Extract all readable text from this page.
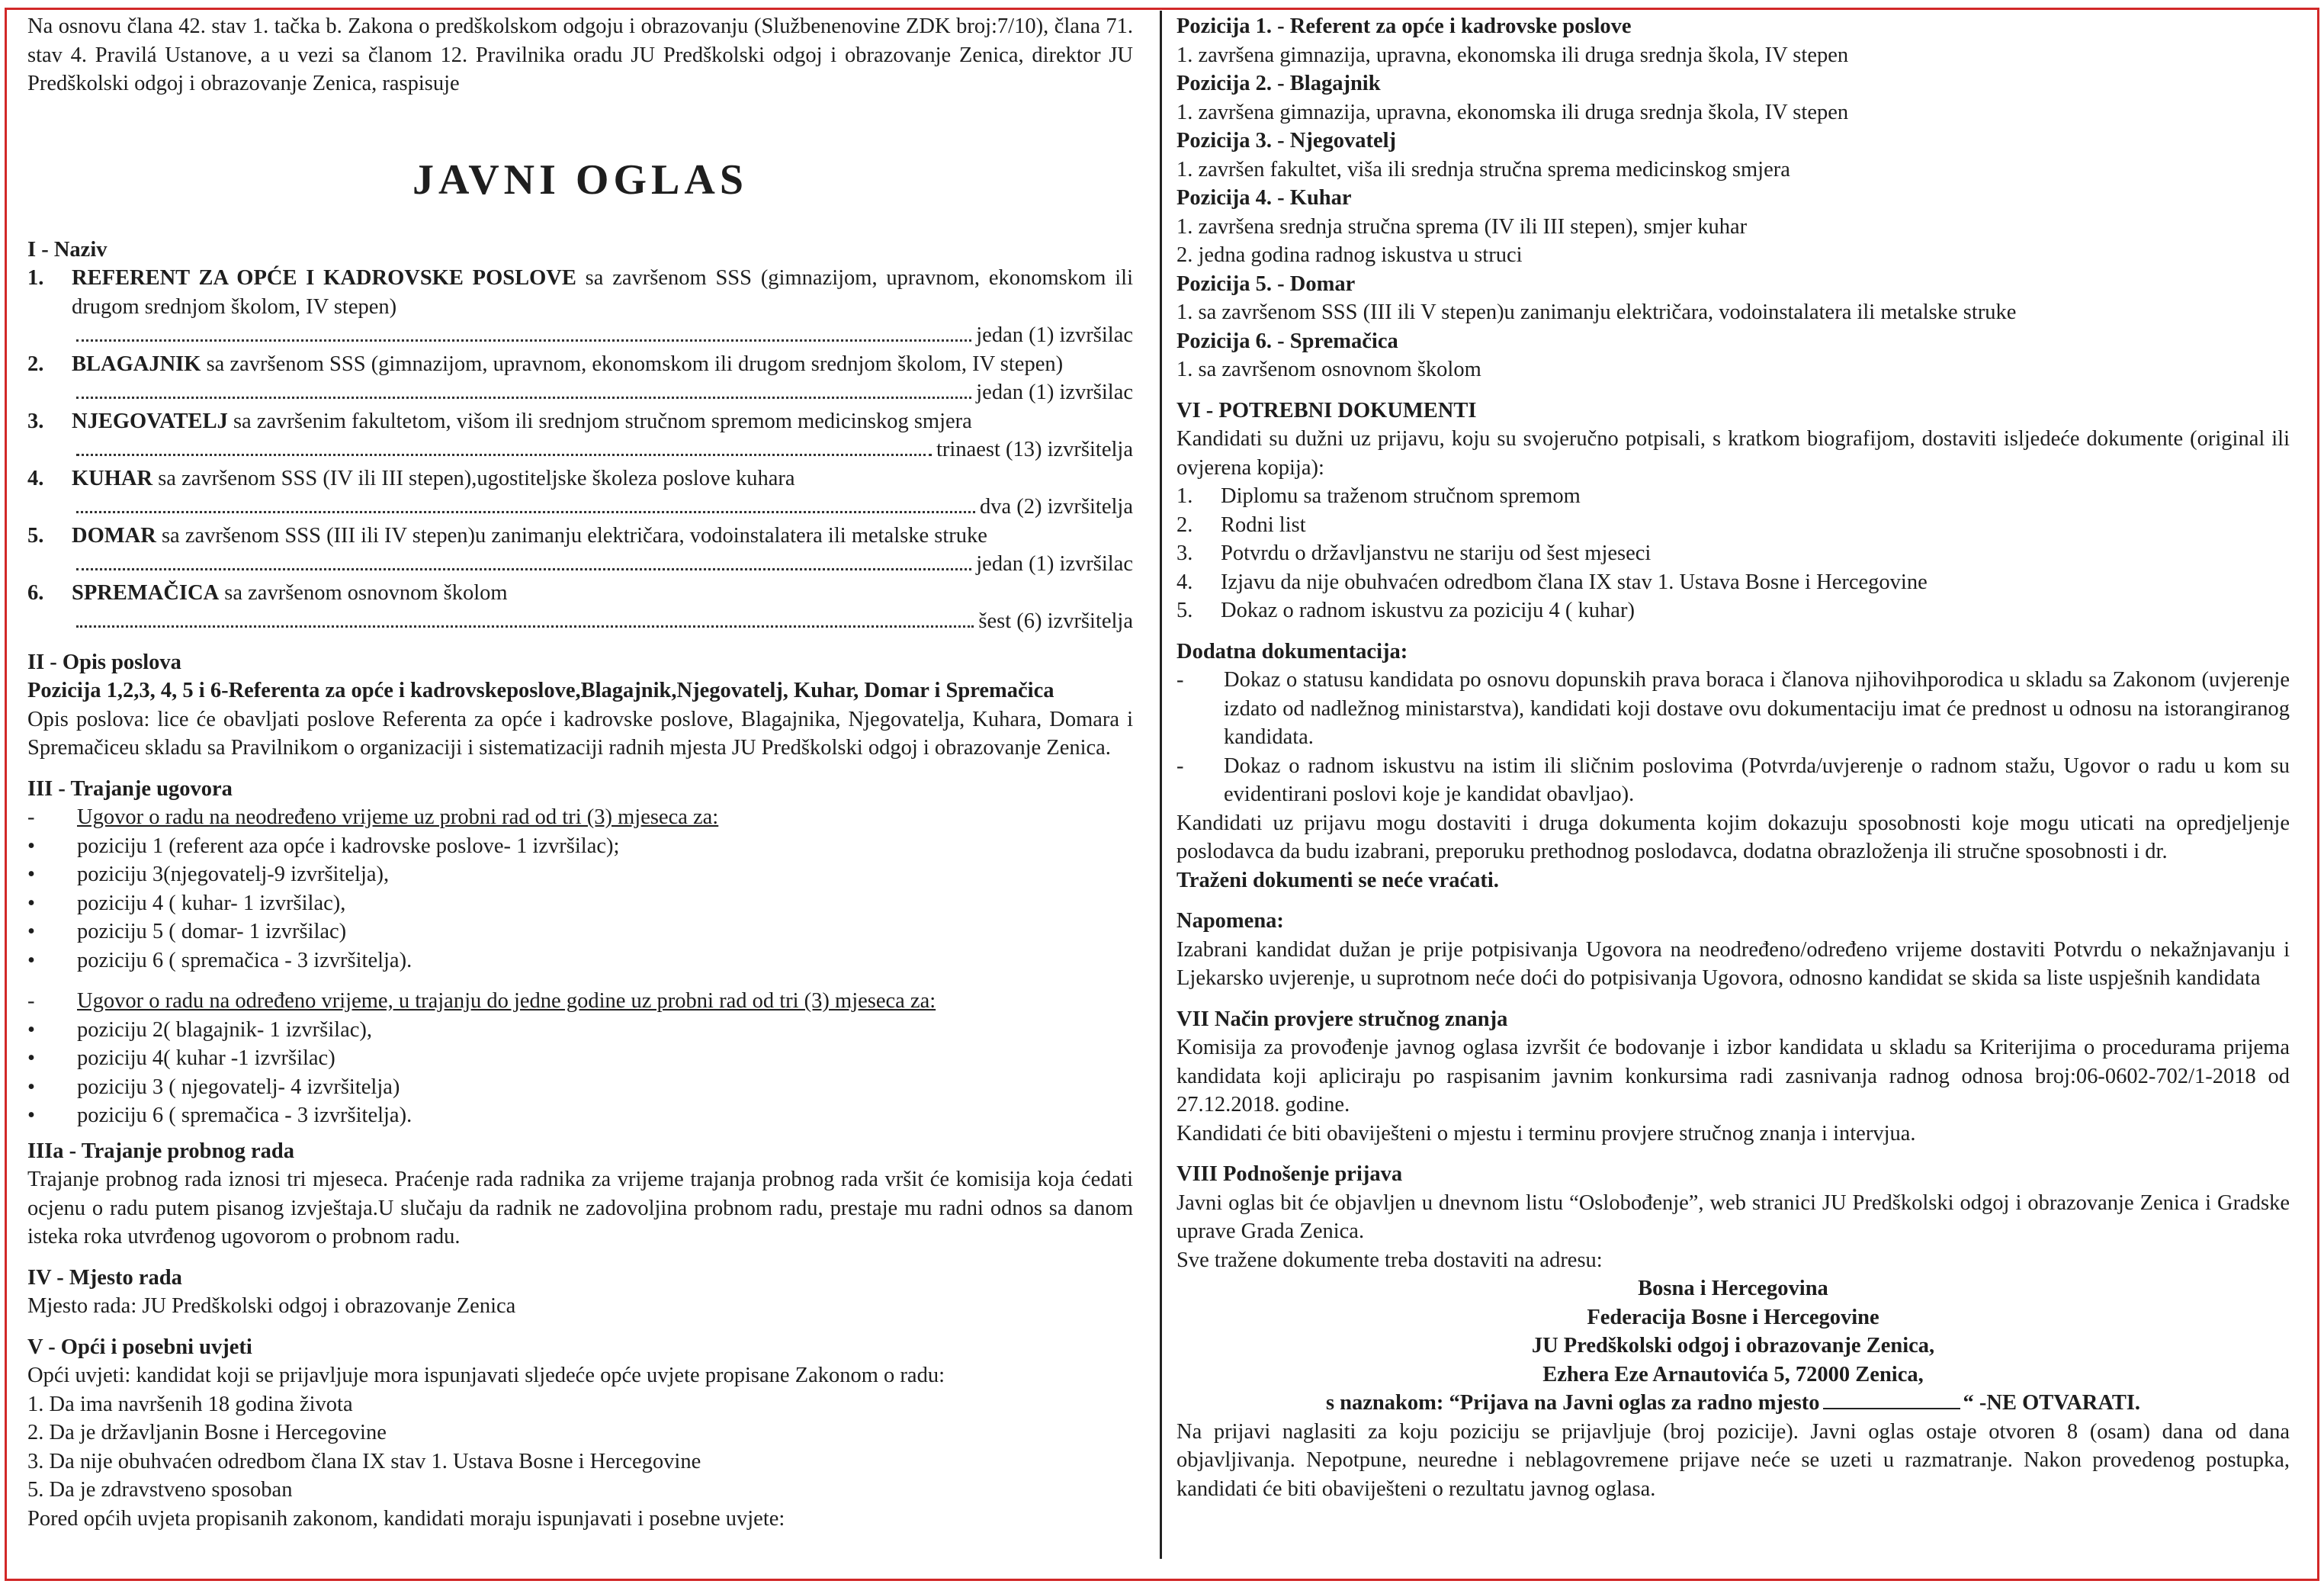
Na osnovu člana 42. stav 1. tačka b. Zakona o predškolskom odgoju i obrazovanju (Službenenovine ZDK broj:7/10), člana 71. stav 4. Pravilá Ustanove, a u vezi sa članom 12. Pravilnika oradu JU Predškolski odgoj i obrazovanje Zenica, direktor JU Predškolski odgoj i obrazovanje Zenica, raspisuje

JAVNI OGLAS
I - Naziv
1.	REFERENT ZA OPĆE I KADROVSKE POSLOVE sa završenom SSS (gimnazijom, upravnom, ekonomskom ili drugom srednjom školom, IV stepen)
jedan (1) izvršilac
2.	BLAGAJNIK sa završenom SSS (gimnazijom, upravnom, ekonomskom ili drugom srednjom školom, IV stepen)
jedan (1) izvršilac
3.	NJEGOVATELJ sa završenim fakultetom, višom ili srednjom stručnom spremom medicinskog smjera
trinaest (13) izvršitelja
4.	KUHAR sa završenom SSS (IV ili III stepen),ugostiteljske školeza poslove kuhara
dva (2) izvršitelja
5.	DOMAR sa završenom SSS (III ili IV stepen)u zanimanju električara, vodoinstalatera ili metalske struke
jedan (1) izvršilac
6.	SPREMAČICA sa završenom osnovnom školom
šest (6) izvršitelja
II - Opis poslova
Pozicija 1,2,3, 4, 5 i 6-Referenta za opće i kadrovskeposlove,Blagajnik,Njegovatelj, Kuhar, Domar i Spremačica

Opis poslova: lice će obavljati poslove Referenta za opće i kadrovske poslove, Blagajnika, Njegovatelja, Kuhara, Domara i Spremačiceu skladu sa Pravilnikom o organizaciji i sistematizaciji radnih mjesta JU Predškolski odgoj i obrazovanje Zenica.

III - Trajanje ugovora
-	Ugovor o radu na neodređeno vrijeme uz probni rad od tri (3) mjeseca za:
•	poziciju 1 (referent aza opće i kadrovske poslove- 1 izvršilac);
•	poziciju 3(njegovatelj-9 izvršitelja),
•	poziciju 4 ( kuhar- 1 izvršilac),
•	poziciju 5 ( domar- 1 izvršilac)
•	poziciju 6 ( spremačica - 3 izvršitelja).
-	Ugovor o radu na određeno vrijeme, u trajanju do jedne godine uz probni rad od tri (3) mjeseca za:
•	poziciju 2( blagajnik- 1 izvršilac),
•	poziciju 4( kuhar -1 izvršilac)
•	poziciju 3 ( njegovatelj- 4 izvršitelja)
•	poziciju 6 ( spremačica - 3 izvršitelja).
IIIa - Trajanje probnog rada

Trajanje probnog rada iznosi tri mjeseca. Praćenje rada radnika za vrijeme trajanja probnog rada vršit će komisija koja ćedati ocjenu o radu putem pisanog izvještaja.U slučaju da radnik ne zadovoljina probnom radu, prestaje mu radni odnos sa danom isteka roka utvrđenog ugovorom o probnom radu.

IV - Mjesto rada

Mjesto rada: JU Predškolski odgoj i obrazovanje Zenica

V - Opći i posebni uvjeti

Opći uvjeti: kandidat koji se prijavljuje mora ispunjavati sljedeće opće uvjete propisane Zakonom o radu:

1. Da ima navršenih 18 godina života
2. Da je državljanin Bosne i Hercegovine
3. Da nije obuhvaćen odredbom člana IX stav 1. Ustava Bosne i Hercegovine
5. Da je zdravstveno sposoban

Pored općih uvjeta propisanih zakonom, kandidati moraju ispunjavati i posebne uvjete:

Pozicija 1. - Referent za opće i kadrovske poslove
1. završena gimnazija, upravna, ekonomska ili druga srednja škola, IV stepen
Pozicija 2. - Blagajnik
1. završena gimnazija, upravna, ekonomska ili druga srednja škola, IV stepen
Pozicija 3. - Njegovatelj
1. završen fakultet, viša ili srednja stručna sprema medicinskog smjera
Pozicija 4. - Kuhar
1. završena srednja stručna sprema (IV ili III stepen), smjer kuhar
2. jedna godina radnog iskustva u struci
Pozicija 5. - Domar
1. sa završenom SSS (III ili V stepen)u zanimanju električara, vodoinstalatera ili metalske struke
Pozicija 6. - Spremačica
1. sa završenom osnovnom školom
VI - POTREBNI DOKUMENTI

Kandidati su dužni uz prijavu, koju su svojeručno potpisali, s kratkom biografijom, dostaviti isljedeće dokumente (original ili ovjerena kopija):

1.	Diplomu sa traženom stručnom spremom
2.	Rodni list
3.	Potvrdu o državljanstvu ne stariju od šest mjeseci
4.	Izjavu da nije obuhvaćen odredbom člana IX stav 1. Ustava Bosne i Hercegovine
5.	Dokaz o radnom iskustvu za poziciju 4 ( kuhar)
Dodatna dokumentacija:
-	Dokaz o statusu kandidata po osnovu dopunskih prava boraca i članova njihovihporodica u skladu sa Zakonom (uvjerenje izdato od nadležnog ministarstva), kandidati koji dostave ovu dokumentaciju imat će prednost u odnosu na istorangiranog kandidata.
-	Dokaz o radnom iskustvu na istim ili sličnim poslovima (Potvrda/uvjerenje o radnom stažu, Ugovor o radu u kom su evidentirani poslovi koje je kandidat obavljao).

Kandidati uz prijavu mogu dostaviti i druga dokumenta kojim dokazuju sposobnosti koje mogu uticati na opredjeljenje poslodavca da budu izabrani, preporuku prethodnog poslodavca, dodatna obrazloženja ili stručne sposobnosti i dr.

Traženi dokumenti se neće vraćati.
Napomena:

Izabrani kandidat dužan je prije potpisivanja Ugovora na neodređeno/određeno vrijeme dostaviti Potvrdu o nekažnjavanju i Ljekarsko uvjerenje, u suprotnom neće doći do potpisivanja Ugovora, odnosno kandidat se skida sa liste uspješnih kandidata

VII Način provjere stručnog znanja

Komisija za provođenje javnog oglasa izvršit će bodovanje i izbor kandidata u skladu sa Kriterijima o procedurama prijema kandidata koji apliciraju po raspisanim javnim konkursima radi zasnivanja radnog odnosa broj:06-0602-702/1-2018 od 27.12.2018. godine.

Kandidati će biti obaviješteni o mjestu i terminu provjere stručnog znanja i intervjua.

VIII Podnošenje prijava

Javni oglas bit će objavljen u dnevnom listu “Oslobođenje”, web stranici JU Predškolski odgoj i obrazovanje Zenica i Gradske uprave Grada Zenica.

Sve tražene dokumente treba dostaviti na adresu:

Bosna i Hercegovina
Federacija Bosne i Hercegovine
JU Predškolski odgoj i obrazovanje Zenica,
Ezhera Eze Arnautovića 5, 72000 Zenica,
s naznakom: “Prijava na Javni oglas za radno mjesto	“ -NE OTVARATI.

Na prijavi naglasiti za koju poziciju se prijavljuje (broj pozicije). Javni oglas ostaje otvoren 8 (osam) dana od dana objavljivanja. Nepotpune, neuredne i neblagovremene prijave neće se uzeti u razmatranje. Nakon provedenog postupka, kandidati će biti obaviješteni o rezultatu javnog oglasa.
